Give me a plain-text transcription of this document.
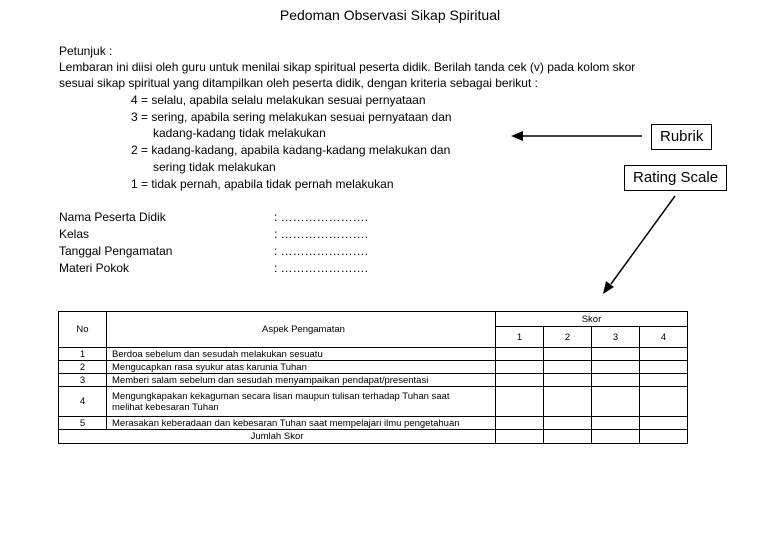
Pedoman Observasi Sikap Spiritual
Petunjuk :
Lembaran ini diisi oleh guru untuk menilai sikap spiritual peserta didik. Berilah tanda cek (v) pada kolom skor
sesuai sikap spiritual yang ditampilkan oleh peserta didik, dengan kriteria sebagai berikut :
4 = selalu, apabila selalu melakukan sesuai pernyataan
3 = sering, apabila sering melakukan sesuai pernyataan dan
kadang-kadang tidak melakukan
2 = kadang-kadang, apabila kadang-kadang melakukan dan
sering tidak melakukan
1 = tidak pernah, apabila tidak pernah melakukan
Rubrik
Rating Scale
Nama Peserta Didik	: ………………….
Kelas	: ………………….
Tanggal Pengamatan	: ………………….
Materi Pokok	: ………………….
No	Aspek Pengamatan	Skor			
		1	2	3	4
1	Berdoa sebelum dan sesudah melakukan sesuatu				
2	Mengucapkan rasa syukur atas karunia Tuhan				
3	Memberi salam sebelum dan sesudah menyampaikan pendapat/presentasi				
4	Mengungkapakan kekaguman secara lisan maupun tulisan terhadap Tuhan saat
melihat kebesaran Tuhan				

5	Merasakan keberadaan dan kebesaran Tuhan saat mempelajari ilmu pengetahuan				
Jumlah Skor					
